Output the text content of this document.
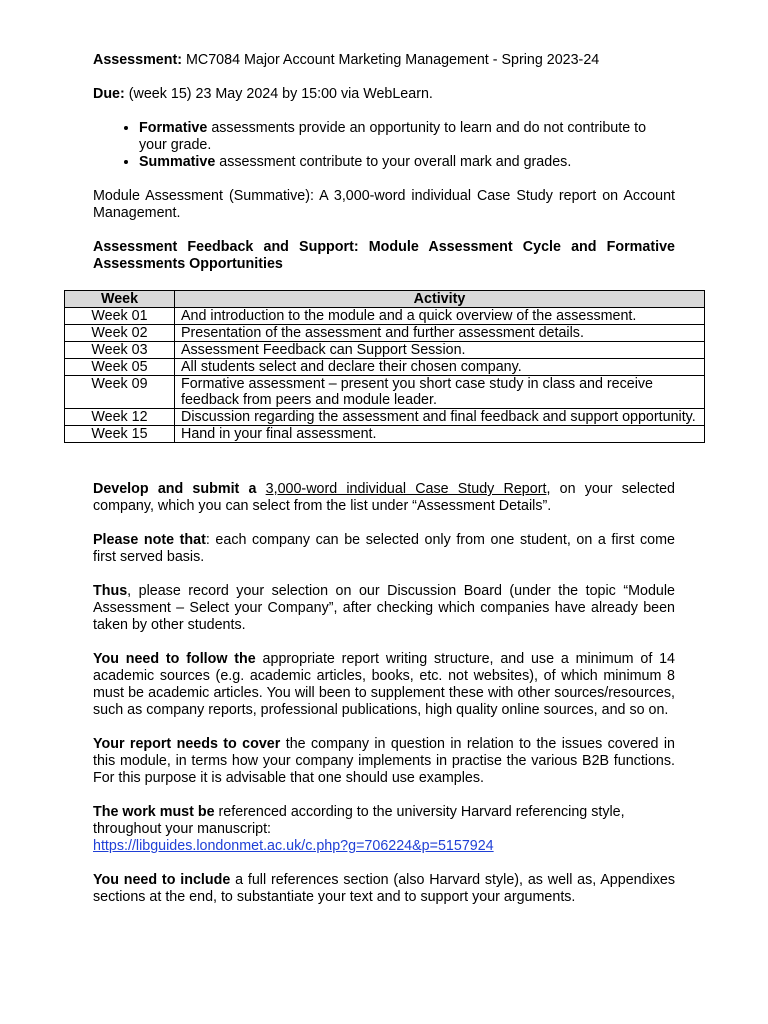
Assessment: MC7084 Major Account Marketing Management - Spring 2023-24

Due: (week 15) 23 May 2024 by 15:00 via WebLearn.

• Formative assessments provide an opportunity to learn and do not contribute to your grade.
• Summative assessment contribute to your overall mark and grades.

Module Assessment (Summative): A 3,000-word individual Case Study report on Account Management.

Assessment Feedback and Support: Module Assessment Cycle and Formative Assessments Opportunities

Week	Activity
Week 01	And introduction to the module and a quick overview of the assessment.
Week 02	Presentation of the assessment and further assessment details.
Week 03	Assessment Feedback can Support Session.
Week 05	All students select and declare their chosen company.
Week 09	Formative assessment – present you short case study in class and receive feedback from peers and module leader.
Week 12	Discussion regarding the assessment and final feedback and support opportunity.
Week 15	Hand in your final assessment.

Develop and submit a 3,000-word individual Case Study Report, on your selected company, which you can select from the list under “Assessment Details”.

Please note that: each company can be selected only from one student, on a first come first served basis.

Thus, please record your selection on our Discussion Board (under the topic “Module Assessment – Select your Company”, after checking which companies have already been taken by other students.

You need to follow the appropriate report writing structure, and use a minimum of 14 academic sources (e.g. academic articles, books, etc. not websites), of which minimum 8 must be academic articles. You will been to supplement these with other sources/resources, such as company reports, professional publications, high quality online sources, and so on.

Your report needs to cover the company in question in relation to the issues covered in this module, in terms how your company implements in practise the various B2B functions. For this purpose it is advisable that one should use examples.

The work must be referenced according to the university Harvard referencing style, throughout your manuscript:
https://libguides.londonmet.ac.uk/c.php?g=706224&p=5157924

You need to include a full references section (also Harvard style), as well as, Appendixes sections at the end, to substantiate your text and to support your arguments.
